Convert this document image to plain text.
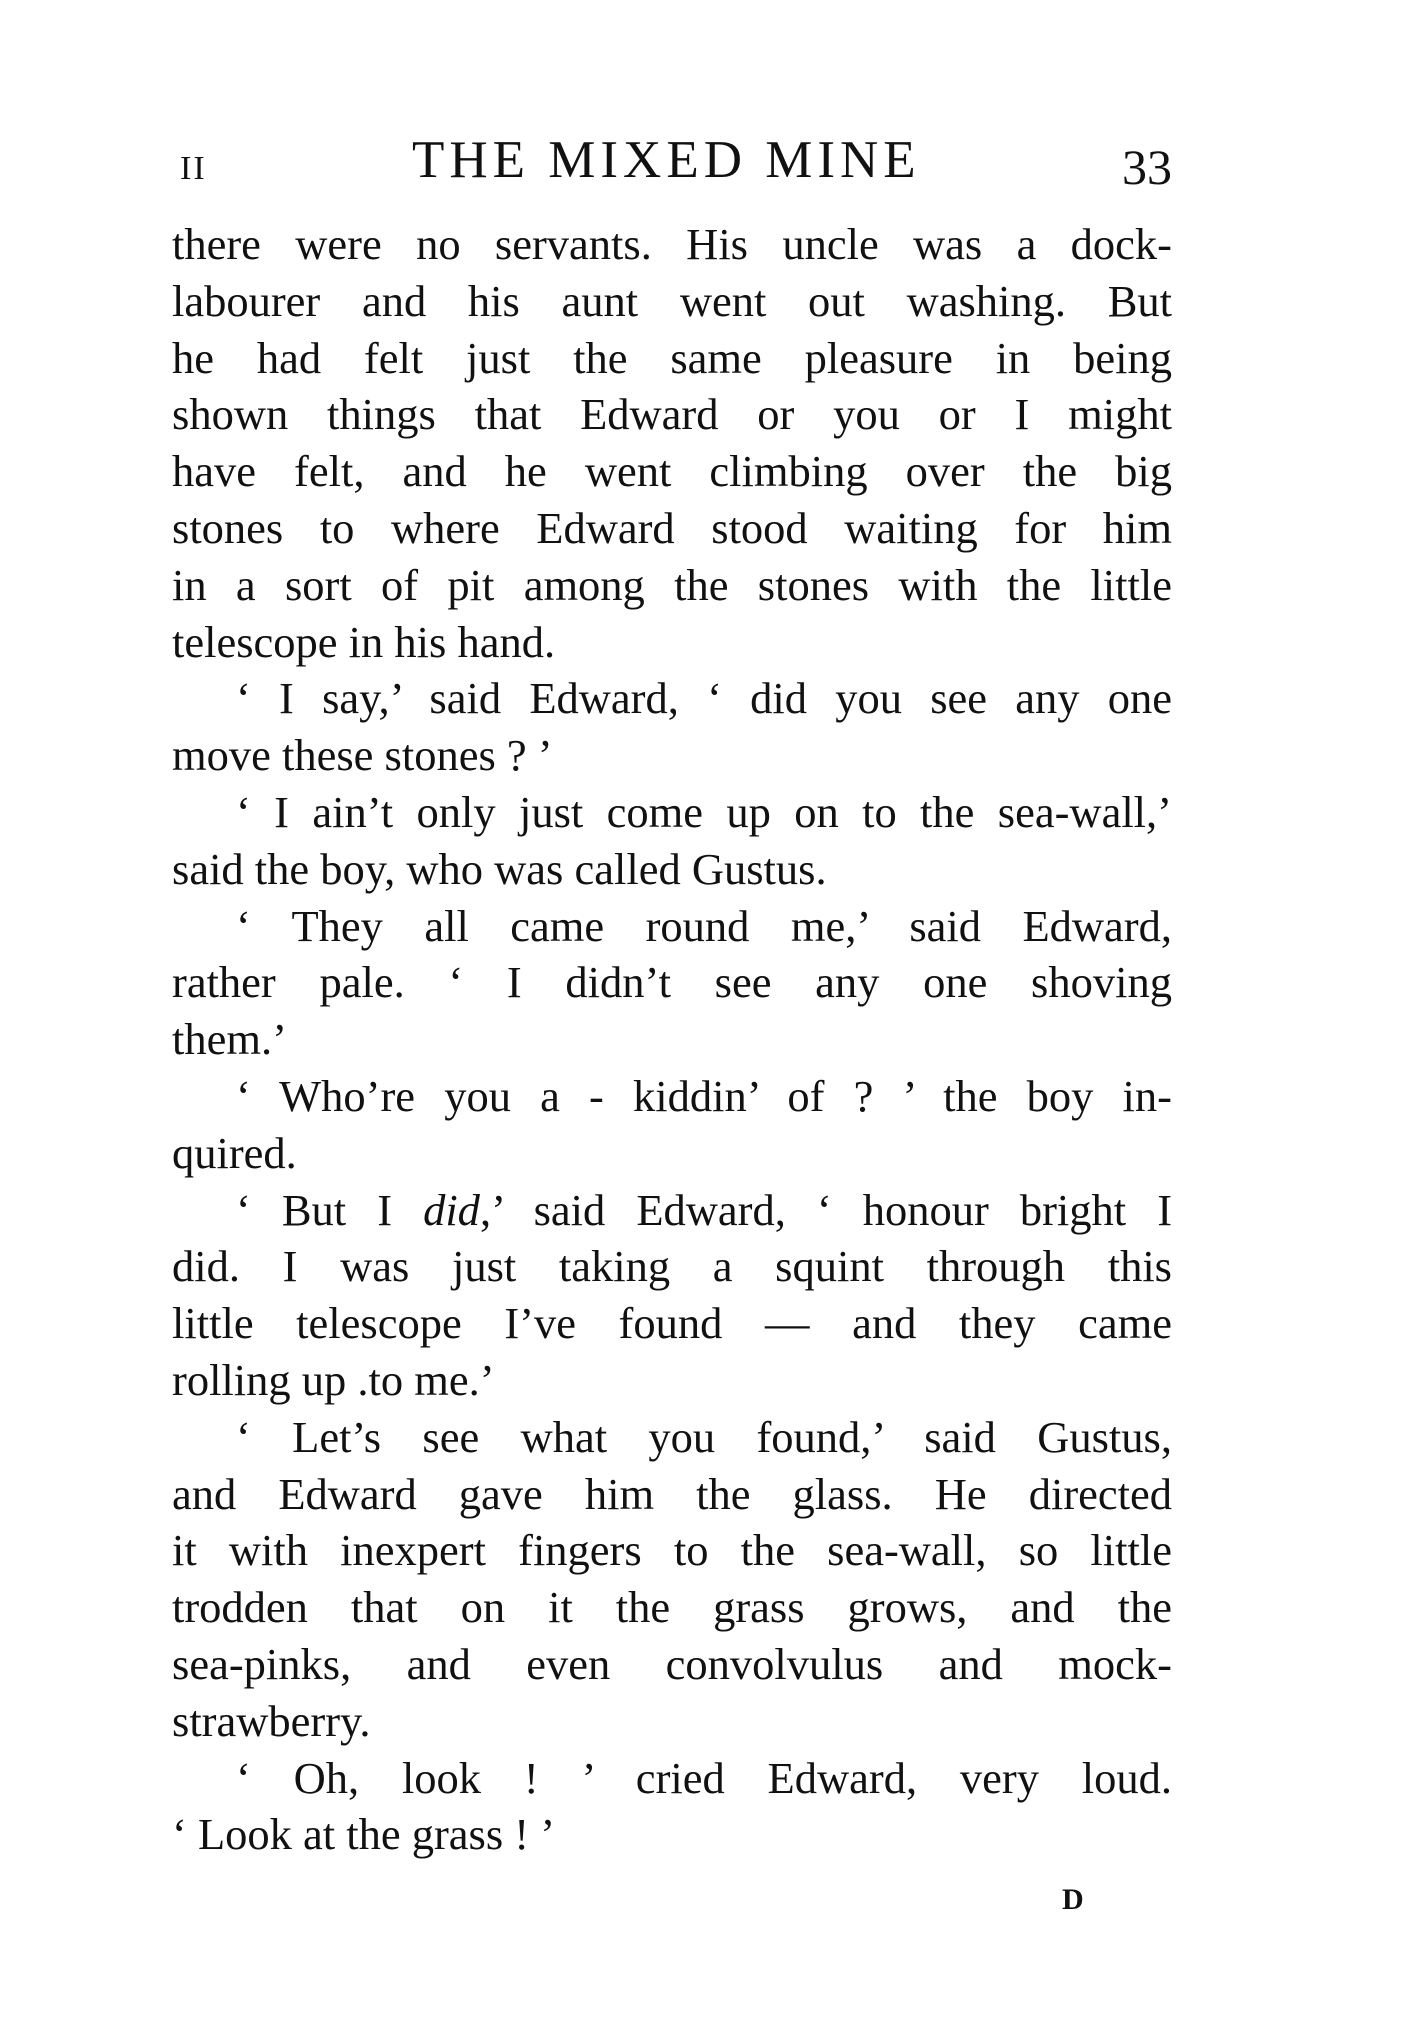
II	THE MIXED MINE	33

there were no servants. His uncle was a dock-
labourer and his aunt went out washing. But
he had felt just the same pleasure in being
shown things that Edward or you or I might
have felt, and he went climbing over the big
stones to where Edward stood waiting for him
in a sort of pit among the stones with the little
telescope in his hand.

‘ I say,’ said Edward, ‘ did you see any one
move these stones ? ’

‘ I ain’t only just come up on to the sea-wall,’
said the boy, who was called Gustus.

‘ They all came round me,’ said Edward,
rather pale. ‘ I didn’t see any one shoving
them.’

‘ Who’re you a - kiddin’ of ? ’ the boy in-
quired.

‘ But I did,’ said Edward, ‘ honour bright I
did. I was just taking a squint through this
little telescope I’ve found — and they came
rolling up .to me.’

‘ Let’s see what you found,’ said Gustus,
and Edward gave him the glass. He directed
it with inexpert fingers to the sea-wall, so little
trodden that on it the grass grows, and the
sea-pinks, and even convolvulus and mock-
strawberry.

‘ Oh, look ! ’ cried Edward, very loud.
‘ Look at the grass ! ’

D
